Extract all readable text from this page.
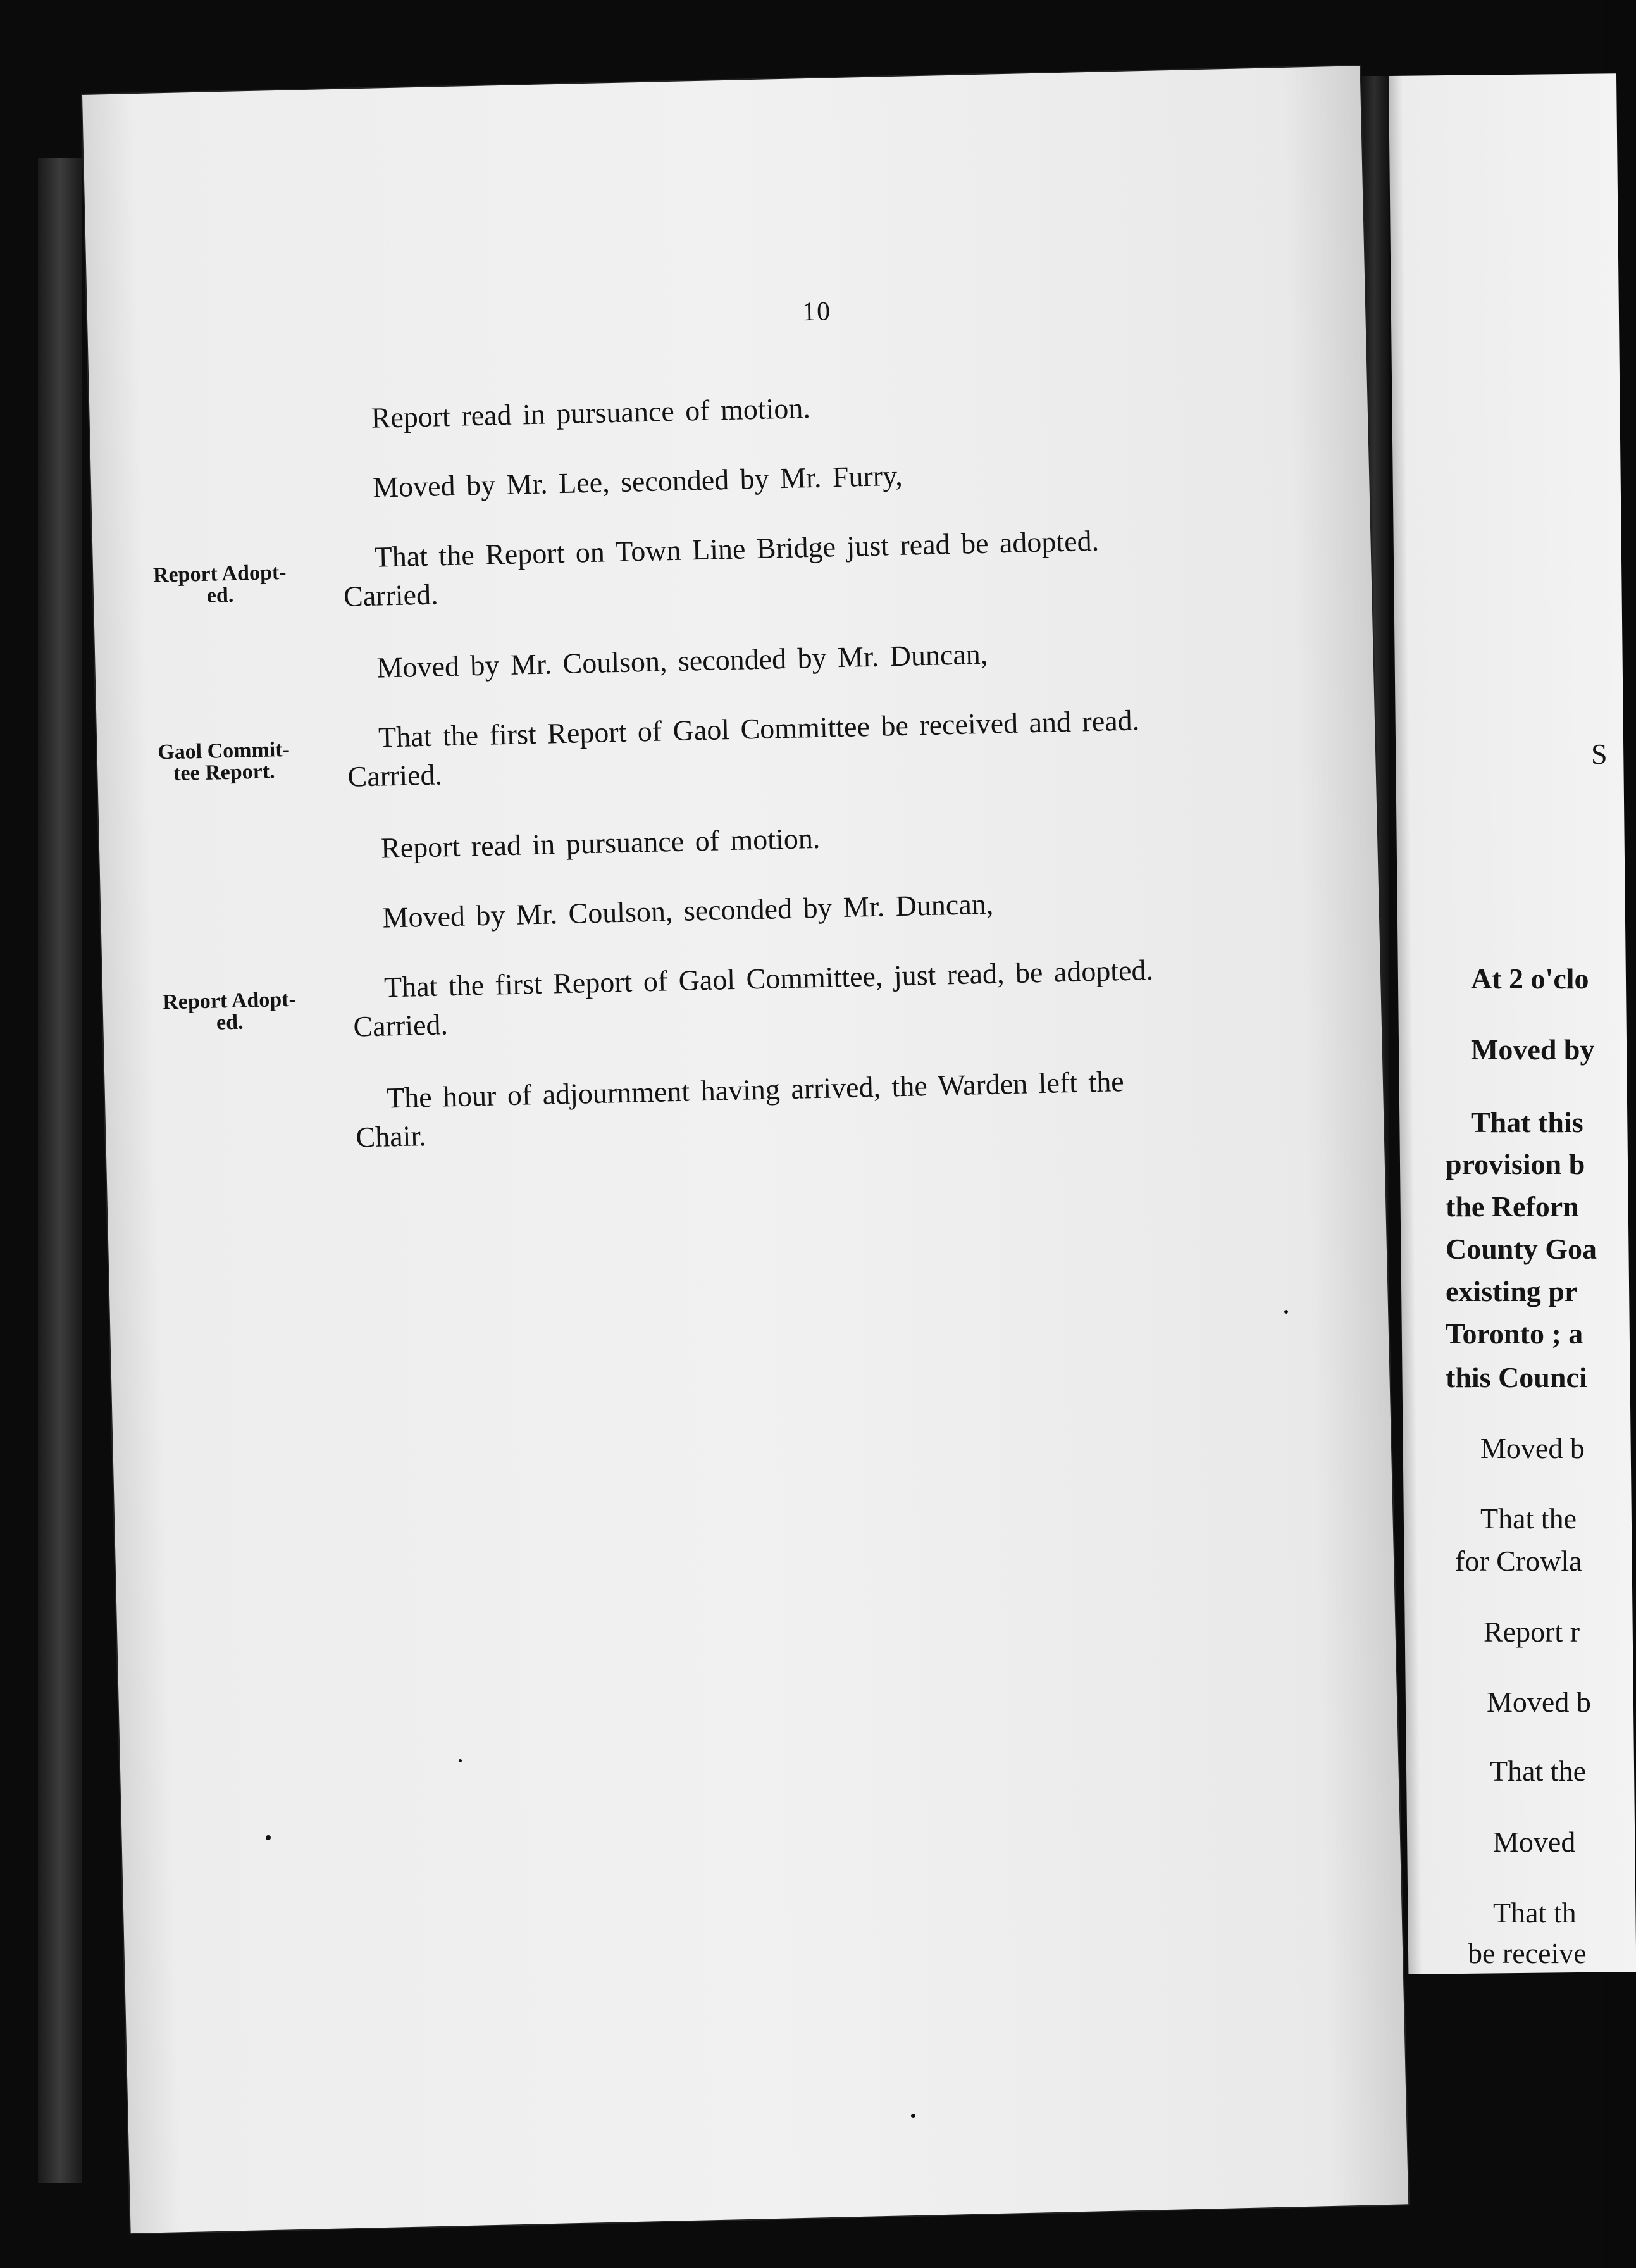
S
At 2 o'clo
Moved by
That this
provision b
the Reforn
County Goa
existing pr
Toronto ; a
this Counci
Moved b
That the
for Crowla
Report r
Moved b
That the
Moved
That th
be receive
10
Report read in pursuance of motion.
Moved by Mr. Lee, seconded by Mr. Furry,
That the Report on Town Line Bridge just read be adopted.
Carried.
Report Adopt-
ed.
Moved by Mr. Coulson, seconded by Mr. Duncan,
That the first Report of Gaol Committee be received and read.
Carried.
Gaol Commit-
tee Report.
Report read in pursuance of motion.
Moved by Mr. Coulson, seconded by Mr. Duncan,
That the first Report of Gaol Committee, just read, be adopted.
Carried.
Report Adopt-
ed.
The hour of adjournment having arrived, the Warden left the
Chair.
